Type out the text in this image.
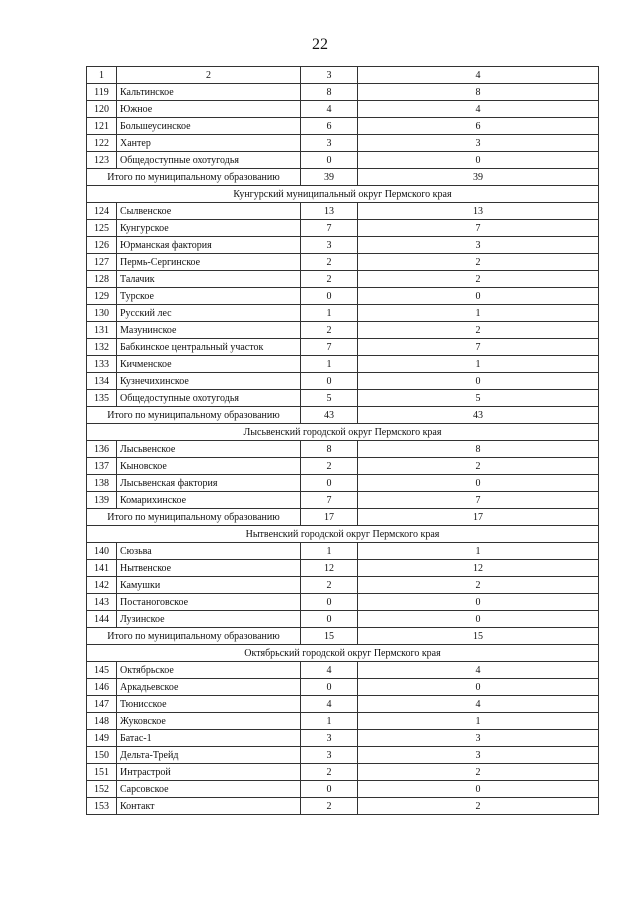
22
1	2	3	4
119	Кальтинское	8	8
120	Южное	4	4
121	Большеусинское	6	6
122	Хантер	3	3
123	Общедоступные охотугодья	0	0
Итого по муниципальному образованию		39	39
Кунгурский муниципальный округ Пермского края			
124	Сылвенское	13	13
125	Кунгурское	7	7
126	Юрманская фактория	3	3
127	Пермь-Сергинское	2	2
128	Талачик	2	2
129	Турское	0	0
130	Русский лес	1	1
131	Мазунинское	2	2
132	Бабкинское центральный участок	7	7
133	Кичменское	1	1
134	Кузнечихинское	0	0
135	Общедоступные охотугодья	5	5
Итого по муниципальному образованию		43	43
Лысьвенский городской округ Пермского края			
136	Лысьвенское	8	8
137	Кыновское	2	2
138	Лысьвенская фактория	0	0
139	Комарихинское	7	7
Итого по муниципальному образованию		17	17
Нытвенский городской округ Пермского края			
140	Сюзьва	1	1
141	Нытвенское	12	12
142	Камушки	2	2
143	Постаноговское	0	0
144	Лузинское	0	0
Итого по муниципальному образованию		15	15
Октябрьский городской округ Пермского края			
145	Октябрьское	4	4
146	Аркадьевское	0	0
147	Тюнисское	4	4
148	Жуковское	1	1
149	Батас-1	3	3
150	Дельта-Трейд	3	3
151	Интрастрой	2	2
152	Сарсовское	0	0
153	Контакт	2	2
